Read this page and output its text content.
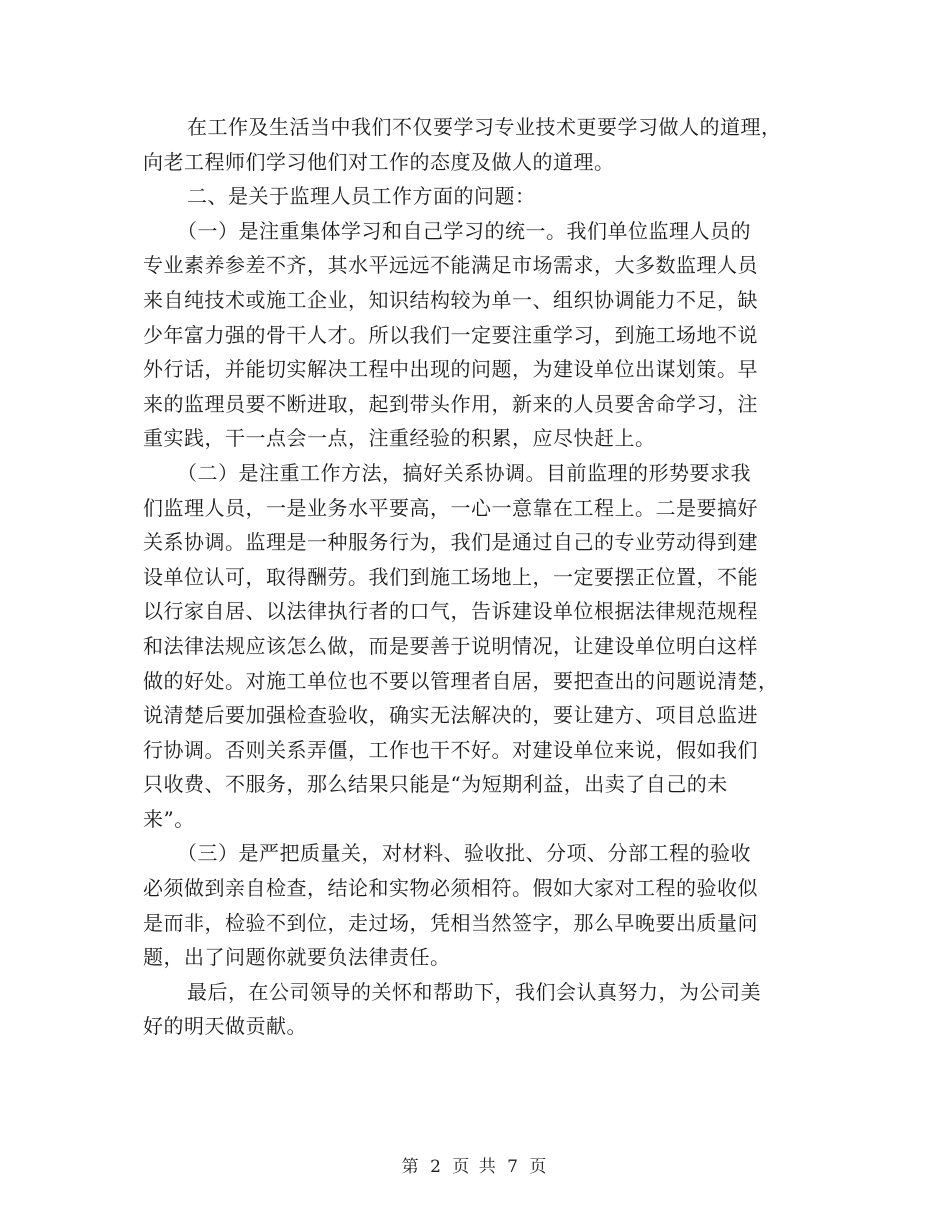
在工作及生活当中我们不仅要学习专业技术更要学习做人的道理，
向老工程师们学习他们对工作的态度及做人的道理。
二、是关于监理人员工作方面的问题：
（一）是注重集体学习和自己学习的统一。我们单位监理人员的
专业素养参差不齐，其水平远远不能满足市场需求，大多数监理人员
来自纯技术或施工企业，知识结构较为单一、组织协调能力不足，缺
少年富力强的骨干人才。所以我们一定要注重学习，到施工场地不说
外行话，并能切实解决工程中出现的问题，为建设单位出谋划策。早
来的监理员要不断进取，起到带头作用，新来的人员要舍命学习，注
重实践，干一点会一点，注重经验的积累，应尽快赶上。
（二）是注重工作方法，搞好关系协调。目前监理的形势要求我
们监理人员，一是业务水平要高，一心一意靠在工程上。二是要搞好
关系协调。监理是一种服务行为，我们是通过自己的专业劳动得到建
设单位认可，取得酬劳。我们到施工场地上，一定要摆正位置，不能
以行家自居、以法律执行者的口气，告诉建设单位根据法律规范规程
和法律法规应该怎么做，而是要善于说明情况，让建设单位明白这样
做的好处。对施工单位也不要以管理者自居，要把查出的问题说清楚，
说清楚后要加强检查验收，确实无法解决的，要让建方、项目总监进
行协调。否则关系弄僵，工作也干不好。对建设单位来说，假如我们
只收费、不服务，那么结果只能是“为短期利益，出卖了自己的未
来”。
（三）是严把质量关，对材料、验收批、分项、分部工程的验收
必须做到亲自检查，结论和实物必须相符。假如大家对工程的验收似
是而非，检验不到位，走过场，凭相当然签字，那么早晚要出质量问
题，出了问题你就要负法律责任。
最后，在公司领导的关怀和帮助下，我们会认真努力，为公司美
好的明天做贡献。
第 2 页 共 7 页
